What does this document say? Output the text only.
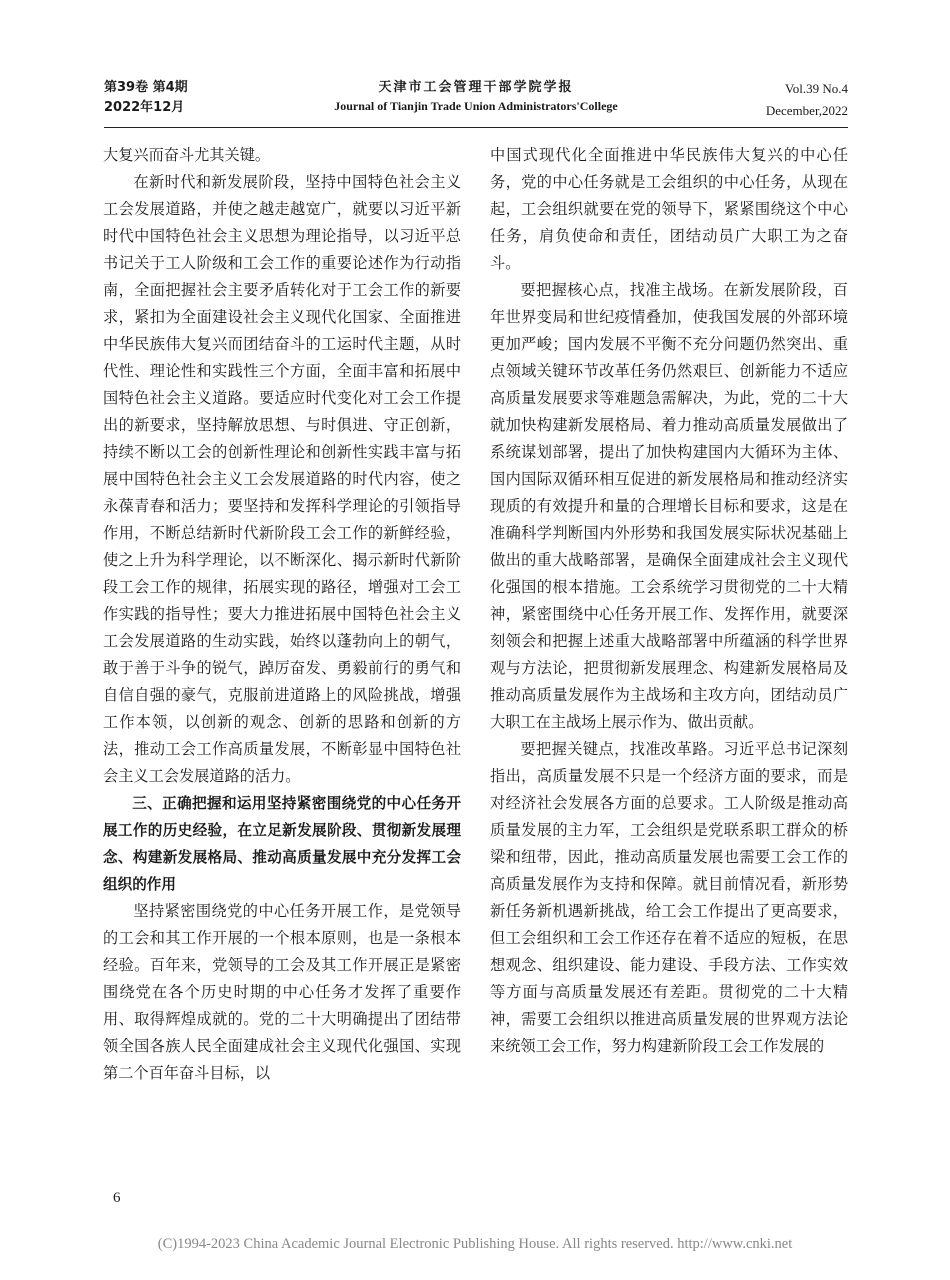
第39卷 第4期
2022年12月
天津市工会管理干部学院学报
Journal of Tianjin Trade Union Administrators'College
Vol.39 No.4
December,2022

大复兴而奋斗尤其关键。

在新时代和新发展阶段，坚持中国特色社会主义工会发展道路，并使之越走越宽广，就要以习近平新时代中国特色社会主义思想为理论指导，以习近平总书记关于工人阶级和工会工作的重要论述作为行动指南，全面把握社会主要矛盾转化对于工会工作的新要求，紧扣为全面建设社会主义现代化国家、全面推进中华民族伟大复兴而团结奋斗的工运时代主题，从时代性、理论性和实践性三个方面，全面丰富和拓展中国特色社会主义道路。要适应时代变化对工会工作提出的新要求，坚持解放思想、与时俱进、守正创新，持续不断以工会的创新性理论和创新性实践丰富与拓展中国特色社会主义工会发展道路的时代内容，使之永葆青春和活力；要坚持和发挥科学理论的引领指导作用，不断总结新时代新阶段工会工作的新鲜经验，使之上升为科学理论，以不断深化、揭示新时代新阶段工会工作的规律，拓展实现的路径，增强对工会工作实践的指导性；要大力推进拓展中国特色社会主义工会发展道路的生动实践，始终以蓬勃向上的朝气，敢于善于斗争的锐气，踔厉奋发、勇毅前行的勇气和自信自强的豪气，克服前进道路上的风险挑战，增强工作本领，以创新的观念、创新的思路和创新的方法，推动工会工作高质量发展，不断彰显中国特色社会主义工会发展道路的活力。

三、正确把握和运用坚持紧密围绕党的中心任务开展工作的历史经验，在立足新发展阶段、贯彻新发展理念、构建新发展格局、推动高质量发展中充分发挥工会组织的作用

坚持紧密围绕党的中心任务开展工作，是党领导的工会和其工作开展的一个根本原则，也是一条根本经验。百年来，党领导的工会及其工作开展正是紧密围绕党在各个历史时期的中心任务才发挥了重要作用、取得辉煌成就的。党的二十大明确提出了团结带领全国各族人民全面建成社会主义现代化强国、实现第二个百年奋斗目标，以

中国式现代化全面推进中华民族伟大复兴的中心任务，党的中心任务就是工会组织的中心任务，从现在起，工会组织就要在党的领导下，紧紧围绕这个中心任务，肩负使命和责任，团结动员广大职工为之奋斗。

要把握核心点，找准主战场。在新发展阶段，百年世界变局和世纪疫情叠加，使我国发展的外部环境更加严峻；国内发展不平衡不充分问题仍然突出、重点领域关键环节改革任务仍然艰巨、创新能力不适应高质量发展要求等难题急需解决，为此，党的二十大就加快构建新发展格局、着力推动高质量发展做出了系统谋划部署，提出了加快构建国内大循环为主体、国内国际双循环相互促进的新发展格局和推动经济实现质的有效提升和量的合理增长目标和要求，这是在准确科学判断国内外形势和我国发展实际状况基础上做出的重大战略部署，是确保全面建成社会主义现代化强国的根本措施。工会系统学习贯彻党的二十大精神，紧密围绕中心任务开展工作、发挥作用，就要深刻领会和把握上述重大战略部署中所蕴涵的科学世界观与方法论，把贯彻新发展理念、构建新发展格局及推动高质量发展作为主战场和主攻方向，团结动员广大职工在主战场上展示作为、做出贡献。

要把握关键点，找准改革路。习近平总书记深刻指出，高质量发展不只是一个经济方面的要求，而是对经济社会发展各方面的总要求。工人阶级是推动高质量发展的主力军，工会组织是党联系职工群众的桥梁和纽带，因此，推动高质量发展也需要工会工作的高质量发展作为支持和保障。就目前情况看，新形势新任务新机遇新挑战，给工会工作提出了更高要求，但工会组织和工会工作还存在着不适应的短板，在思想观念、组织建设、能力建设、手段方法、工作实效等方面与高质量发展还有差距。贯彻党的二十大精神，需要工会组织以推进高质量发展的世界观方法论来统领工会工作，努力构建新阶段工会工作发展的

6
(C)1994-2023 China Academic Journal Electronic Publishing House. All rights reserved. http://www.cnki.net
